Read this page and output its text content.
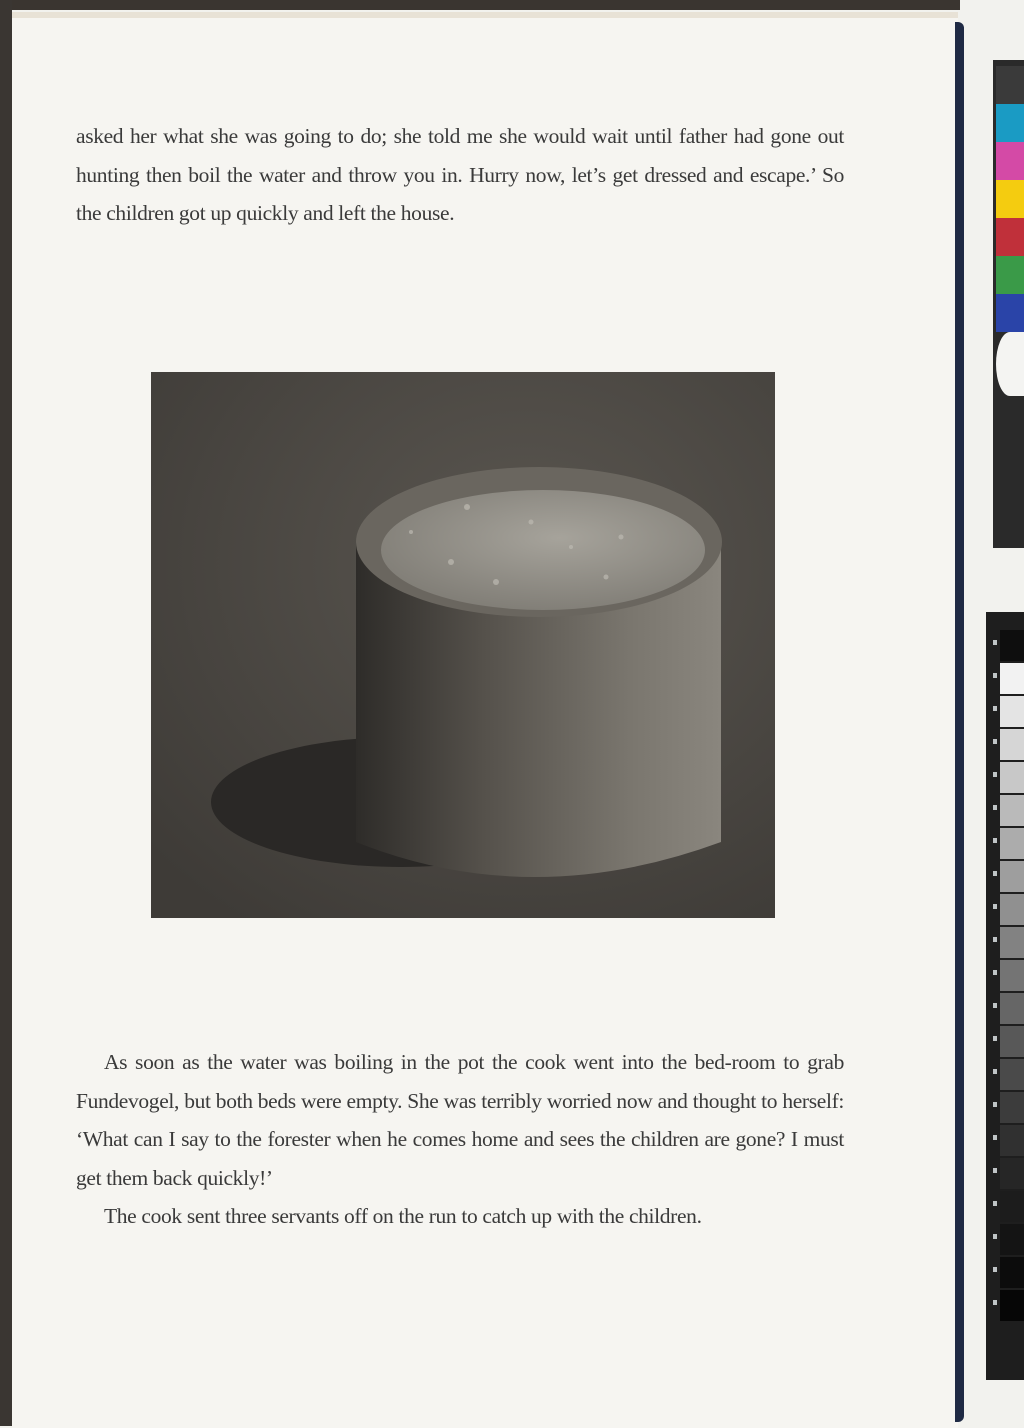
asked her what she was going to do; she told me she would wait until father had gone out hunting then boil the water and throw you in. Hurry now, let’s get dressed and escape.’ So the children got up quickly and left the house.

As soon as the water was boiling in the pot the cook went into the bed-room to grab Fundevogel, but both beds were empty. She was terribly worried now and thought to herself: ‘What can I say to the forester when he comes home and sees the children are gone? I must get them back quickly!’

The cook sent three servants off on the run to catch up with the children.
